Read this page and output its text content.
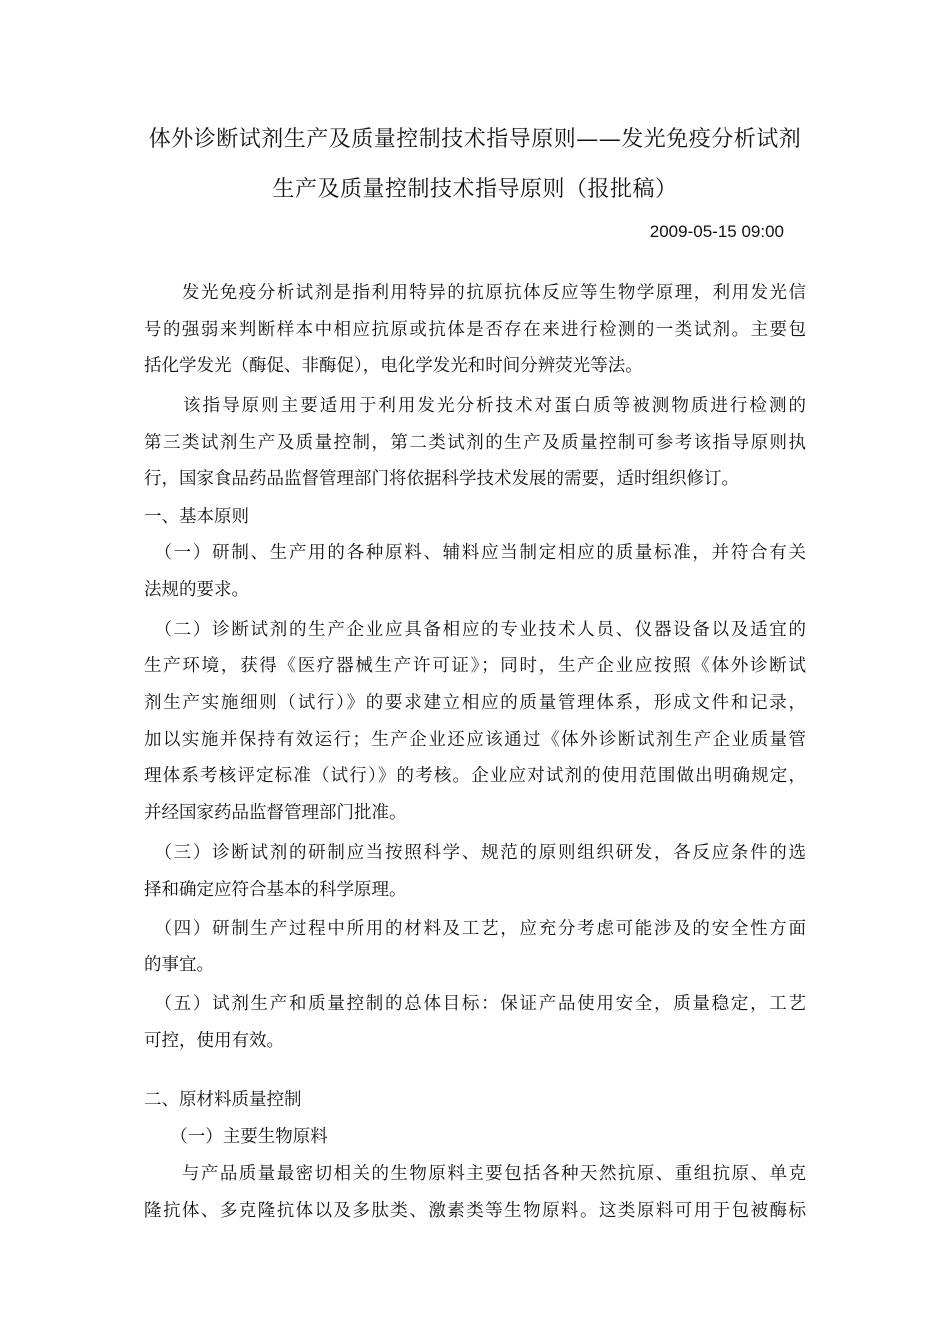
体外诊断试剂生产及质量控制技术指导原则——发光免疫分析试剂
生产及质量控制技术指导原则（报批稿）
2009-05-15 09:00
　　发光免疫分析试剂是指利用特异的抗原抗体反应等生物学原理，利用发光信
号的强弱来判断样本中相应抗原或抗体是否存在来进行检测的一类试剂。主要包
括化学发光（酶促、非酶促），电化学发光和时间分辨荧光等法。
　　该指导原则主要适用于利用发光分析技术对蛋白质等被测物质进行检测的
第三类试剂生产及质量控制，第二类试剂的生产及质量控制可参考该指导原则执
行，国家食品药品监督管理部门将依据科学技术发展的需要，适时组织修订。
一、基本原则
　（一）研制、生产用的各种原料、辅料应当制定相应的质量标准，并符合有关
法规的要求。
　（二）诊断试剂的生产企业应具备相应的专业技术人员、仪器设备以及适宜的
生产环境，获得《医疗器械生产许可证》；同时，生产企业应按照《体外诊断试
剂生产实施细则（试行）》的要求建立相应的质量管理体系，形成文件和记录，
加以实施并保持有效运行；生产企业还应该通过《体外诊断试剂生产企业质量管
理体系考核评定标准（试行）》的考核。企业应对试剂的使用范围做出明确规定，
并经国家药品监督管理部门批准。
　（三）诊断试剂的研制应当按照科学、规范的原则组织研发，各反应条件的选
择和确定应符合基本的科学原理。
　（四）研制生产过程中所用的材料及工艺，应充分考虑可能涉及的安全性方面
的事宜。
　（五）试剂生产和质量控制的总体目标：保证产品使用安全，质量稳定，工艺
可控，使用有效。
二、原材料质量控制
　　（一）主要生物原料
　　与产品质量最密切相关的生物原料主要包括各种天然抗原、重组抗原、单克
隆抗体、多克隆抗体以及多肽类、激素类等生物原料。这类原料可用于包被酶标
